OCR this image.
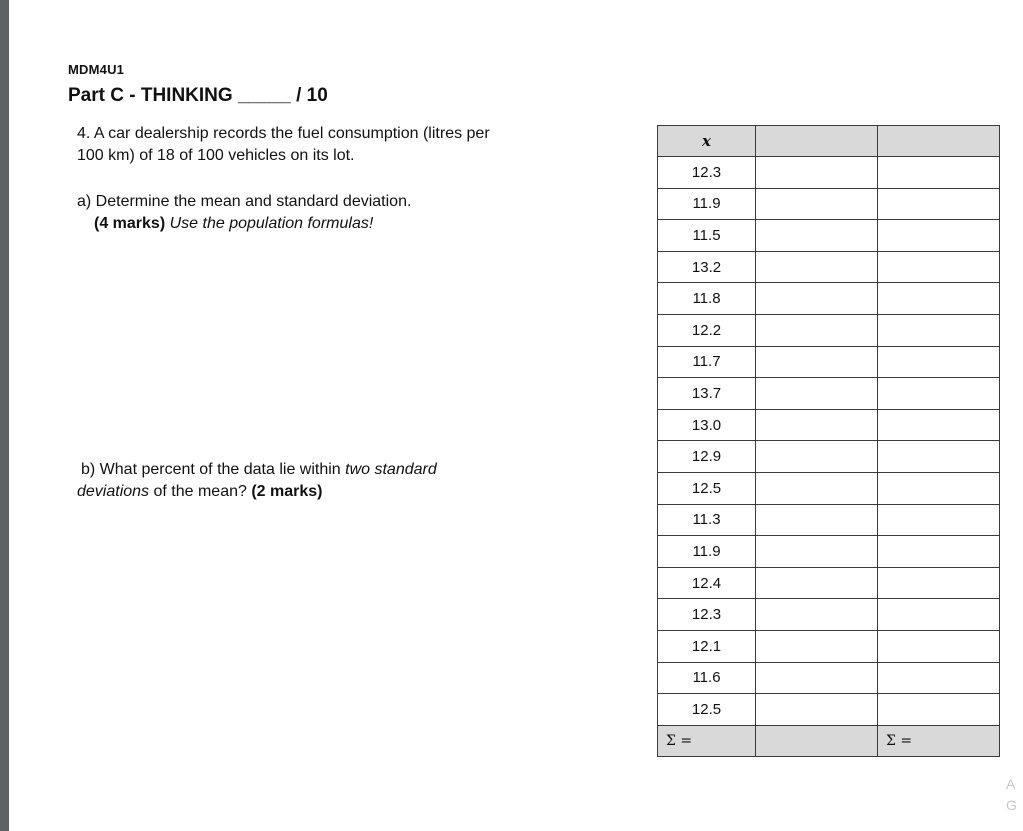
MDM4U1
Part C - THINKING _____ / 10
4. A car dealership records the fuel consumption (litres per
100 km) of 18 of 100 vehicles on its lot.
a) Determine the mean and standard deviation.
(4 marks) Use the population formulas!
b) What percent of the data lie within two standard
deviations of the mean? (2 marks)
x		
12.3		
11.9		
11.5		
13.2		
11.8		
12.2		
11.7		
13.7		
13.0		
12.9		
12.5		
11.3		
11.9		
12.4		
12.3		
12.1		
11.6		
12.5		
Σ =		Σ =
A
G
